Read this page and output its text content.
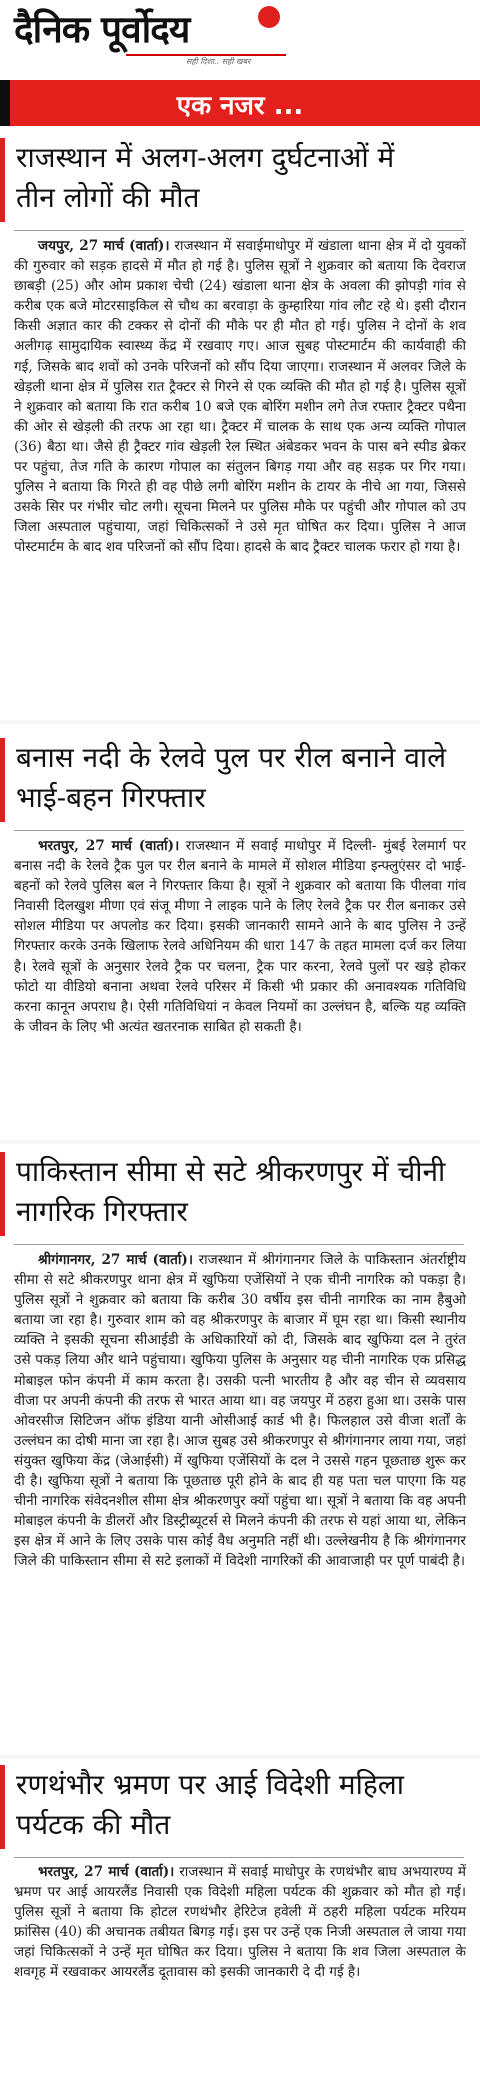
दैनिक पूर्वोदय
सही दिशा.. सही खबर
एक नजर ...
राजस्थान में अलग-अलग दुर्घटनाओं में
तीन लोगों की मौत
जयपुर, 27 मार्च (वार्ता)। राजस्थान में सवाईमाधोपुर में खंडाला थाना क्षेत्र में दो युवकों की गुरुवार को सड़क हादसे में मौत हो गई है। पुलिस सूत्रों ने शुक्रवार को बताया कि देवराज छाबड़ी (25) और ओम प्रकाश चेची (24) खंडाला थाना क्षेत्र के अवला की झोपड़ी गांव से करीब एक बजे मोटरसाइकिल से चौथ का बरवाड़ा के कुम्हारिया गांव लौट रहे थे। इसी दौरान किसी अज्ञात कार की टक्कर से दोनों की मौके पर ही मौत हो गई। पुलिस ने दोनों के शव अलीगढ़ सामुदायिक स्वास्थ्य केंद्र में रखवाए गए। आज सुबह पोस्टमार्टम की कार्यवाही की गई, जिसके बाद शवों को उनके परिजनों को सौंप दिया जाएगा। राजस्थान में अलवर जिले के खेड़ली थाना क्षेत्र में पुलिस रात ट्रैक्टर से गिरने से एक व्यक्ति की मौत हो गई है। पुलिस सूत्रों ने शुक्रवार को बताया कि रात करीब 10 बजे एक बोरिंग मशीन लगे तेज रफ्तार ट्रैक्टर पथैना की ओर से खेड़ली की तरफ आ रहा था। ट्रैक्टर में चालक के साथ एक अन्य व्यक्ति गोपाल (36) बैठा था। जैसे ही ट्रैक्टर गांव खेड़ली रेल स्थित अंबेडकर भवन के पास बने स्पीड ब्रेकर पर पहुंचा, तेज गति के कारण गोपाल का संतुलन बिगड़ गया और वह सड़क पर गिर गया। पुलिस ने बताया कि गिरते ही वह पीछे लगी बोरिंग मशीन के टायर के नीचे आ गया, जिससे उसके सिर पर गंभीर चोट लगी। सूचना मिलने पर पुलिस मौके पर पहुंची और गोपाल को उप जिला अस्पताल पहुंचाया, जहां चिकित्सकों ने उसे मृत घोषित कर दिया। पुलिस ने आज पोस्टमार्टम के बाद शव परिजनों को सौंप दिया। हादसे के बाद ट्रैक्टर चालक फरार हो गया है।
बनास नदी के रेलवे पुल पर रील बनाने वाले
भाई-बहन गिरफ्तार
भरतपुर, 27 मार्च (वार्ता)। राजस्थान में सवाई माधोपुर में दिल्ली- मुंबई रेलमार्ग पर बनास नदी के रेलवे ट्रैक पुल पर रील बनाने के मामले में सोशल मीडिया इन्फ्लुएंसर दो भाई-बहनों को रेलवे पुलिस बल ने गिरफ्तार किया है। सूत्रों ने शुक्रवार को बताया कि पीलवा गांव निवासी दिलखुश मीणा एवं संजू मीणा ने लाइक पाने के लिए रेलवे ट्रैक पर रील बनाकर उसे सोशल मीडिया पर अपलोड कर दिया। इसकी जानकारी सामने आने के बाद पुलिस ने उन्हें गिरफ्तार करके उनके खिलाफ रेलवे अधिनियम की धारा 147 के तहत मामला दर्ज कर लिया है। रेलवे सूत्रों के अनुसार रेलवे ट्रैक पर चलना, ट्रैक पार करना, रेलवे पुलों पर खड़े होकर फोटो या वीडियो बनाना अथवा रेलवे परिसर में किसी भी प्रकार की अनावश्यक गतिविधि करना कानून अपराध है। ऐसी गतिविधियां न केवल नियमों का उल्लंघन है, बल्कि यह व्यक्ति के जीवन के लिए भी अत्यंत खतरनाक साबित हो सकती है।
पाकिस्तान सीमा से सटे श्रीकरणपुर में चीनी
नागरिक गिरफ्तार
श्रीगंगानगर, 27 मार्च (वार्ता)। राजस्थान में श्रीगंगानगर जिले के पाकिस्तान अंतर्राष्ट्रीय सीमा से सटे श्रीकरणपुर थाना क्षेत्र में खुफिया एजेंसियों ने एक चीनी नागरिक को पकड़ा है। पुलिस सूत्रों ने शुक्रवार को बताया कि करीब 30 वर्षीय इस चीनी नागरिक का नाम हैबुओ बताया जा रहा है। गुरुवार शाम को वह श्रीकरणपुर के बाजार में घूम रहा था। किसी स्थानीय व्यक्ति ने इसकी सूचना सीआईडी के अधिकारियों को दी, जिसके बाद खुफिया दल ने तुरंत उसे पकड़ लिया और थाने पहुंचाया। खुफिया पुलिस के अनुसार यह चीनी नागरिक एक प्रसिद्ध मोबाइल फोन कंपनी में काम करता है। उसकी पत्नी भारतीय है और वह चीन से व्यवसाय वीजा पर अपनी कंपनी की तरफ से भारत आया था। वह जयपुर में ठहरा हुआ था। उसके पास ओवरसीज सिटिजन ऑफ इंडिया यानी ओसीआई कार्ड भी है। फिलहाल उसे वीजा शर्तों के उल्लंघन का दोषी माना जा रहा है। आज सुबह उसे श्रीकरणपुर से श्रीगंगानगर लाया गया, जहां संयुक्त खुफिया केंद्र (जेआईसी) में खुफिया एजेंसियों के दल ने उससे गहन पूछताछ शुरू कर दी है। खुफिया सूत्रों ने बताया कि पूछताछ पूरी होने के बाद ही यह पता चल पाएगा कि यह चीनी नागरिक संवेदनशील सीमा क्षेत्र श्रीकरणपुर क्यों पहुंचा था। सूत्रों ने बताया कि वह अपनी मोबाइल कंपनी के डीलरों और डिस्ट्रीब्यूटर्स से मिलने कंपनी की तरफ से यहां आया था, लेकिन इस क्षेत्र में आने के लिए उसके पास कोई वैध अनुमति नहीं थी। उल्लेखनीय है कि श्रीगंगानगर जिले की पाकिस्तान सीमा से सटे इलाकों में विदेशी नागरिकों की आवाजाही पर पूर्ण पाबंदी है।
रणथंभौर भ्रमण पर आई विदेशी महिला
पर्यटक की मौत
भरतपुर, 27 मार्च (वार्ता)। राजस्थान में सवाई माधोपुर के रणथंभौर बाघ अभयारण्य में भ्रमण पर आई आयरलैंड निवासी एक विदेशी महिला पर्यटक की शुक्रवार को मौत हो गई। पुलिस सूत्रों ने बताया कि होटल रणथंभौर हेरिटेज हवेली में ठहरी महिला पर्यटक मरियम फ्रांसिस (40) की अचानक तबीयत बिगड़ गई। इस पर उन्हें एक निजी अस्पताल ले जाया गया जहां चिकित्सकों ने उन्हें मृत घोषित कर दिया। पुलिस ने बताया कि शव जिला अस्पताल के शवगृह में रखवाकर आयरलैंड दूतावास को इसकी जानकारी दे दी गई है।
